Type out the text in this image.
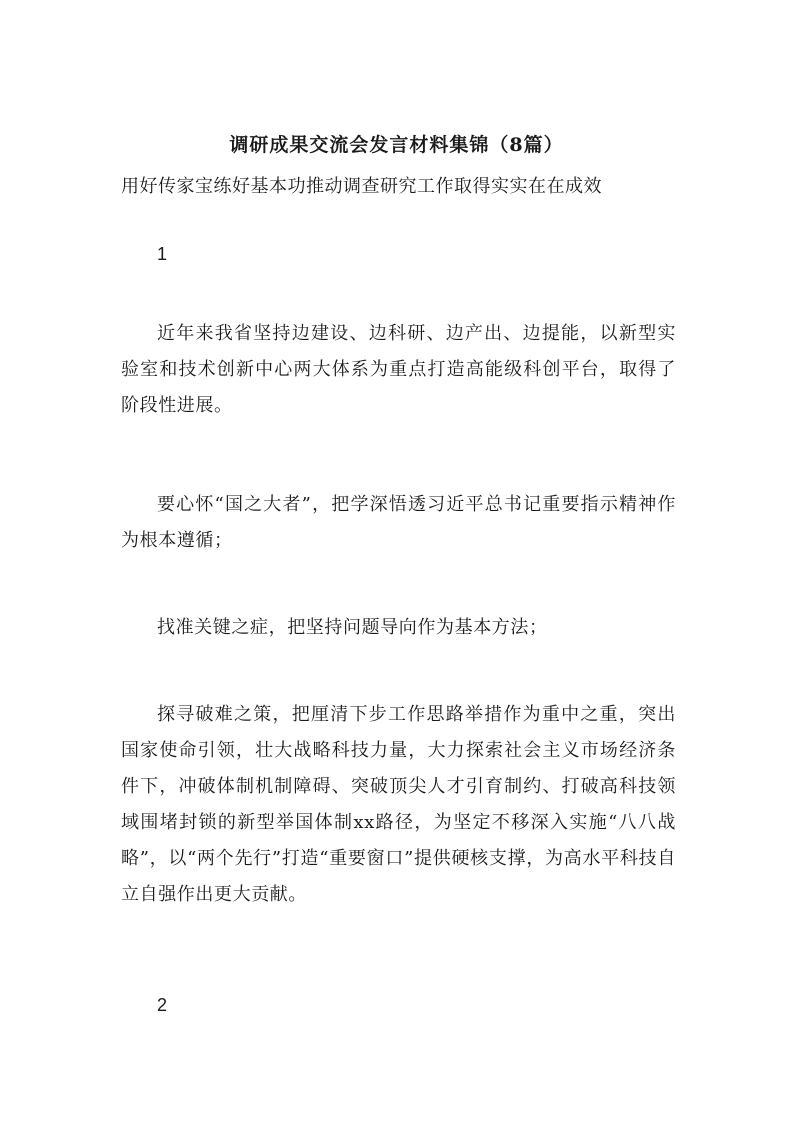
调研成果交流会发言材料集锦（8篇）
用好传家宝练好基本功推动调查研究工作取得实实在在成效
1

近年来我省坚持边建设、边科研、边产出、边提能，以新型实验室和技术创新中心两大体系为重点打造高能级科创平台，取得了阶段性进展。

要心怀“国之大者”，把学深悟透习近平总书记重要指示精神作为根本遵循；

找准关键之症，把坚持问题导向作为基本方法；

探寻破难之策，把厘清下步工作思路举措作为重中之重，突出国家使命引领，壮大战略科技力量，大力探索社会主义市场经济条件下，冲破体制机制障碍、突破顶尖人才引育制约、打破高科技领域围堵封锁的新型举国体制xx路径，为坚定不移深入实施“八八战略”，以“两个先行”打造“重要窗口”提供硬核支撑，为高水平科技自立自强作出更大贡献。

2
